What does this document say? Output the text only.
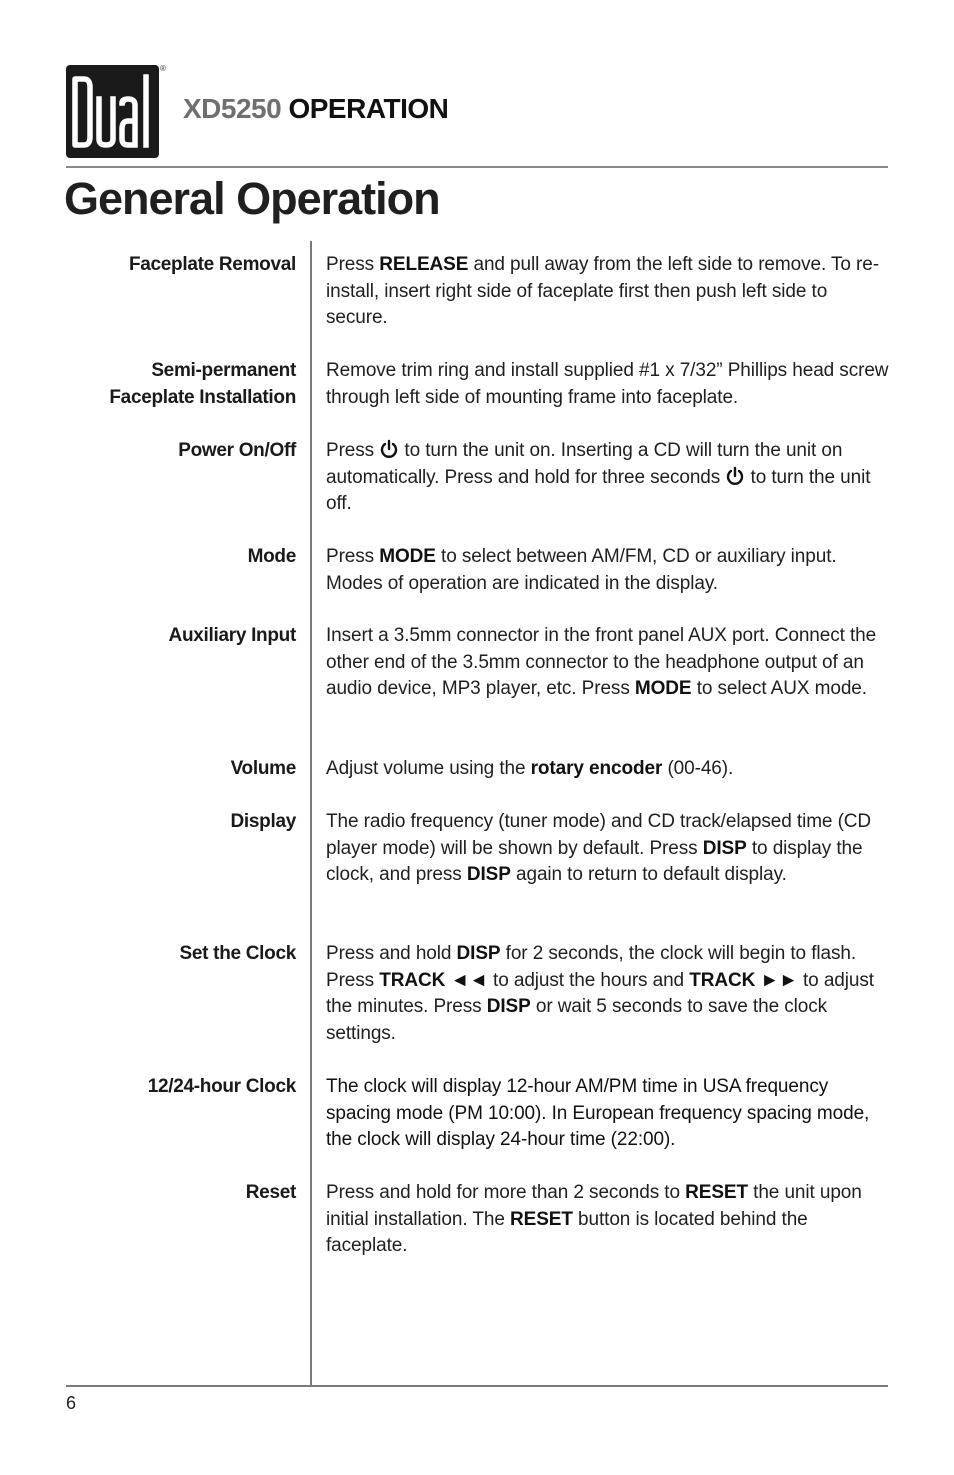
®
XD5250 OPERATION
General Operation
Faceplate Removal Press RELEASE and pull away from the left side to remove. To re-install, insert right side of faceplate first then push left side to secure.
Semi-permanent
Faceplate Installation
Remove trim ring and install supplied #1 x 7/32” Phillips head screw through left side of mounting frame into faceplate.
Power On/Off Press  to turn the unit on. Inserting a CD will turn the unit on automatically. Press and hold for three seconds  to turn the unit off.
Mode Press MODE to select between AM/FM, CD or auxiliary input. Modes of operation are indicated in the display.
Auxiliary Input Insert a 3.5mm connector in the front panel AUX port. Connect the other end of the 3.5mm connector to the headphone output of an audio device, MP3 player, etc. Press MODE to select AUX mode.
Volume Adjust volume using the rotary encoder (00-46).
Display The radio frequency (tuner mode) and CD track/elapsed time (CD player mode) will be shown by default. Press DISP to display the clock, and press DISP again to return to default display.
Set the Clock Press and hold DISP for 2 seconds, the clock will begin to flash. Press TRACK ◄◄ to adjust the hours and TRACK ►► to adjust the minutes. Press DISP or wait 5 seconds to save the clock settings.
12/24-hour Clock The clock will display 12-hour AM/PM time in USA frequency spacing mode (PM 10:00). In European frequency spacing mode, the clock will display 24-hour time (22:00).
Reset Press and hold for more than 2 seconds to RESET the unit upon initial installation. The RESET button is located behind the faceplate.
6
